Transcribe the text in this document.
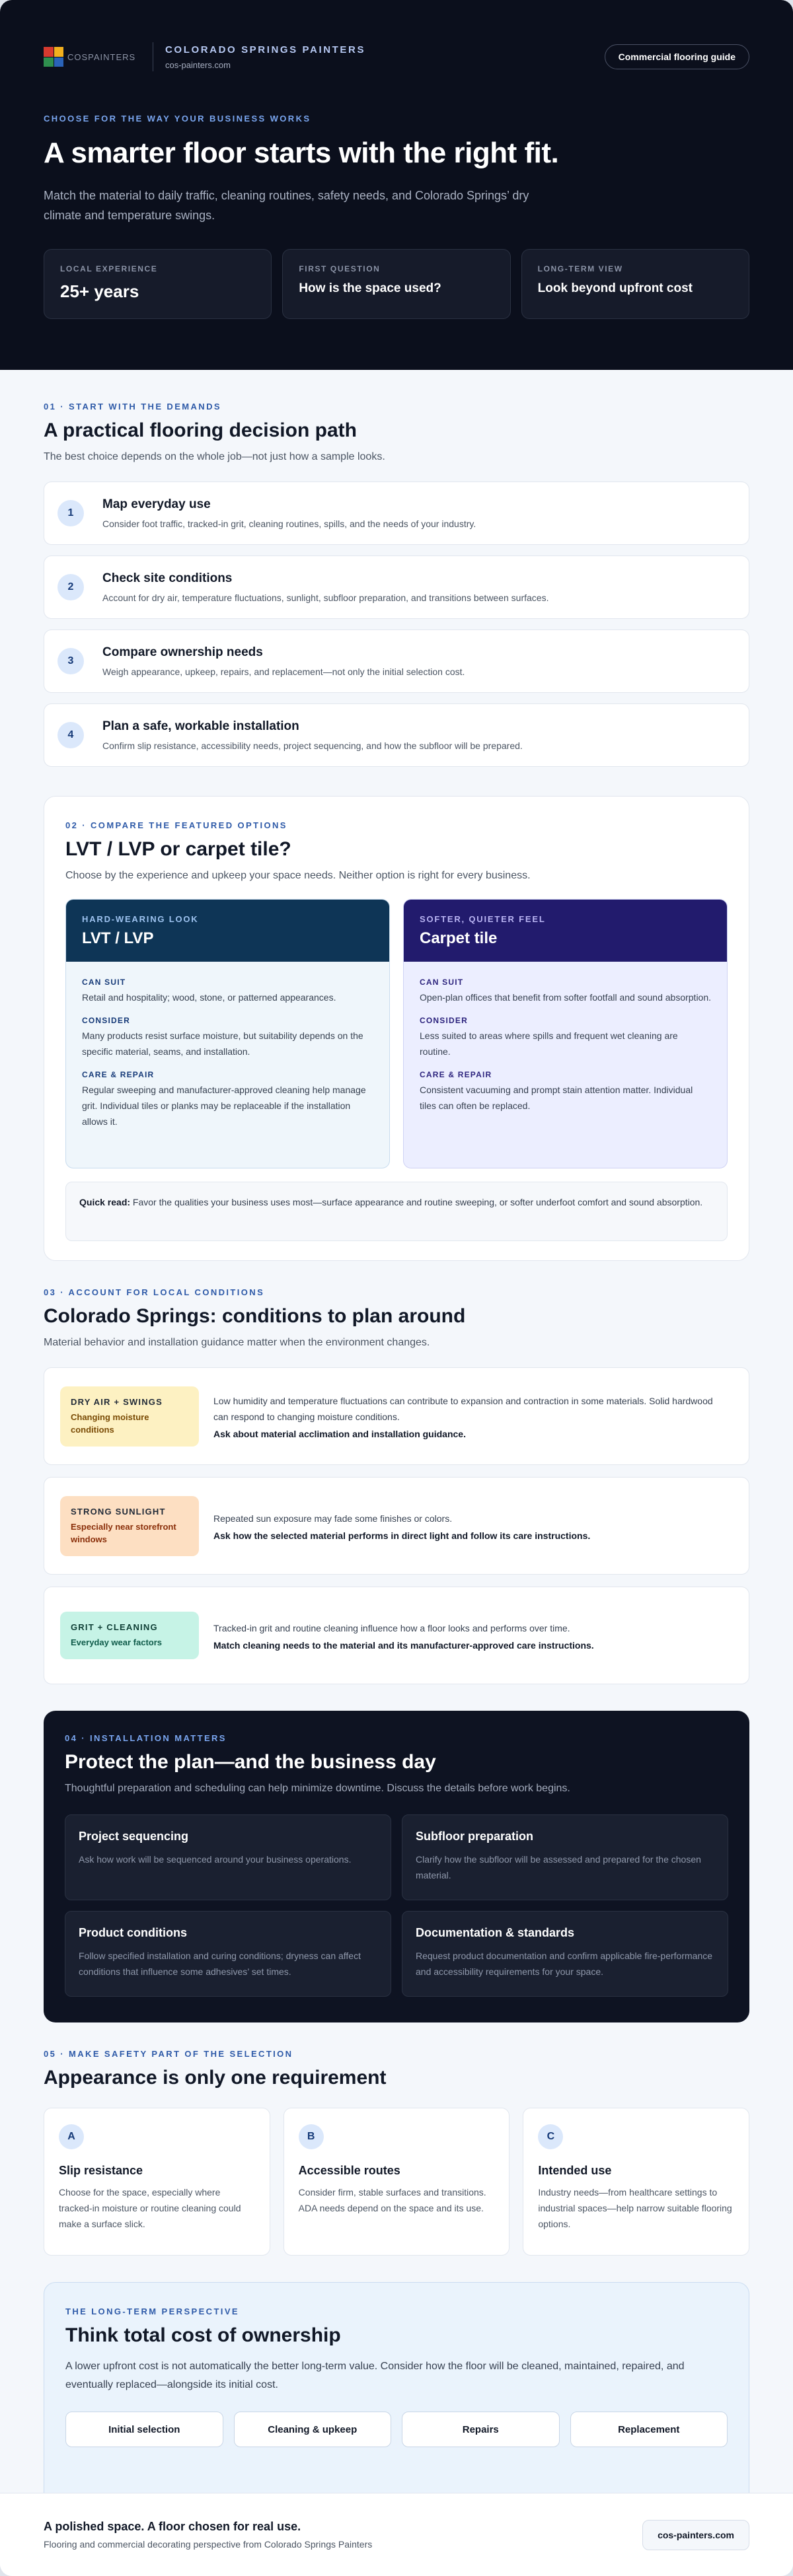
COSPAINTERS
COLORADO SPRINGS PAINTERS
cos-painters.com
Commercial flooring guide
CHOOSE FOR THE WAY YOUR BUSINESS WORKS
A smarter floor starts with the right fit.

Match the material to daily traffic, cleaning routines, safety needs, and Colorado Springs’ dry climate and temperature swings.

LOCAL EXPERIENCE
25+ years
FIRST QUESTION
How is the space used?
LONG-TERM VIEW
Look beyond upfront cost
01 · START WITH THE DEMANDS
A practical flooring decision path

The best choice depends on the whole job—not just how a sample looks.

1
Map everyday use
Consider foot traffic, tracked-in grit, cleaning routines, spills, and the needs of your industry.
2
Check site conditions
Account for dry air, temperature fluctuations, sunlight, subfloor preparation, and transitions between surfaces.
3
Compare ownership needs
Weigh appearance, upkeep, repairs, and replacement—not only the initial selection cost.
4
Plan a safe, workable installation
Confirm slip resistance, accessibility needs, project sequencing, and how the subfloor will be prepared.
02 · COMPARE THE FEATURED OPTIONS
LVT / LVP or carpet tile?

Choose by the experience and upkeep your space needs. Neither option is right for every business.

HARD-WEARING LOOK
LVT / LVP
CAN SUIT
Retail and hospitality; wood, stone, or patterned appearances.
CONSIDER
Many products resist surface moisture, but suitability depends on the specific material, seams, and installation.
CARE & REPAIR
Regular sweeping and manufacturer-approved cleaning help manage grit. Individual tiles or planks may be replaceable if the installation allows it.
SOFTER, QUIETER FEEL
Carpet tile
CAN SUIT
Open-plan offices that benefit from softer footfall and sound absorption.
CONSIDER
Less suited to areas where spills and frequent wet cleaning are routine.
CARE & REPAIR
Consistent vacuuming and prompt stain attention matter. Individual tiles can often be replaced.
Quick read: Favor the qualities your business uses most—surface appearance and routine sweeping, or softer underfoot comfort and sound absorption.
03 · ACCOUNT FOR LOCAL CONDITIONS
Colorado Springs: conditions to plan around

Material behavior and installation guidance matter when the environment changes.

DRY AIR + SWINGS
Changing moisture conditions
Low humidity and temperature fluctuations can contribute to expansion and contraction in some materials. Solid hardwood can respond to changing moisture conditions.
Ask about material acclimation and installation guidance.
STRONG SUNLIGHT
Especially near storefront windows
Repeated sun exposure may fade some finishes or colors.
Ask how the selected material performs in direct light and follow its care instructions.
GRIT + CLEANING
Everyday wear factors
Tracked-in grit and routine cleaning influence how a floor looks and performs over time.
Match cleaning needs to the material and its manufacturer-approved care instructions.
04 · INSTALLATION MATTERS
Protect the plan—and the business day

Thoughtful preparation and scheduling can help minimize downtime. Discuss the details before work begins.

Project sequencing
Ask how work will be sequenced around your business operations.
Subfloor preparation
Clarify how the subfloor will be assessed and prepared for the chosen material.
Product conditions
Follow specified installation and curing conditions; dryness can affect conditions that influence some adhesives’ set times.
Documentation & standards
Request product documentation and confirm applicable fire-performance and accessibility requirements for your space.
05 · MAKE SAFETY PART OF THE SELECTION
Appearance is only one requirement
A
Slip resistance
Choose for the space, especially where tracked-in moisture or routine cleaning could make a surface slick.
B
Accessible routes
Consider firm, stable surfaces and transitions. ADA needs depend on the space and its use.
C
Intended use
Industry needs—from healthcare settings to industrial spaces—help narrow suitable flooring options.
THE LONG-TERM PERSPECTIVE
Think total cost of ownership

A lower upfront cost is not automatically the better long-term value. Consider how the floor will be cleaned, maintained, repaired, and eventually replaced—alongside its initial cost.

Initial selection	Cleaning & upkeep	Repairs	Replacement
A polished space. A floor chosen for real use.
Flooring and commercial decorating perspective from Colorado Springs Painters
cos-painters.com
